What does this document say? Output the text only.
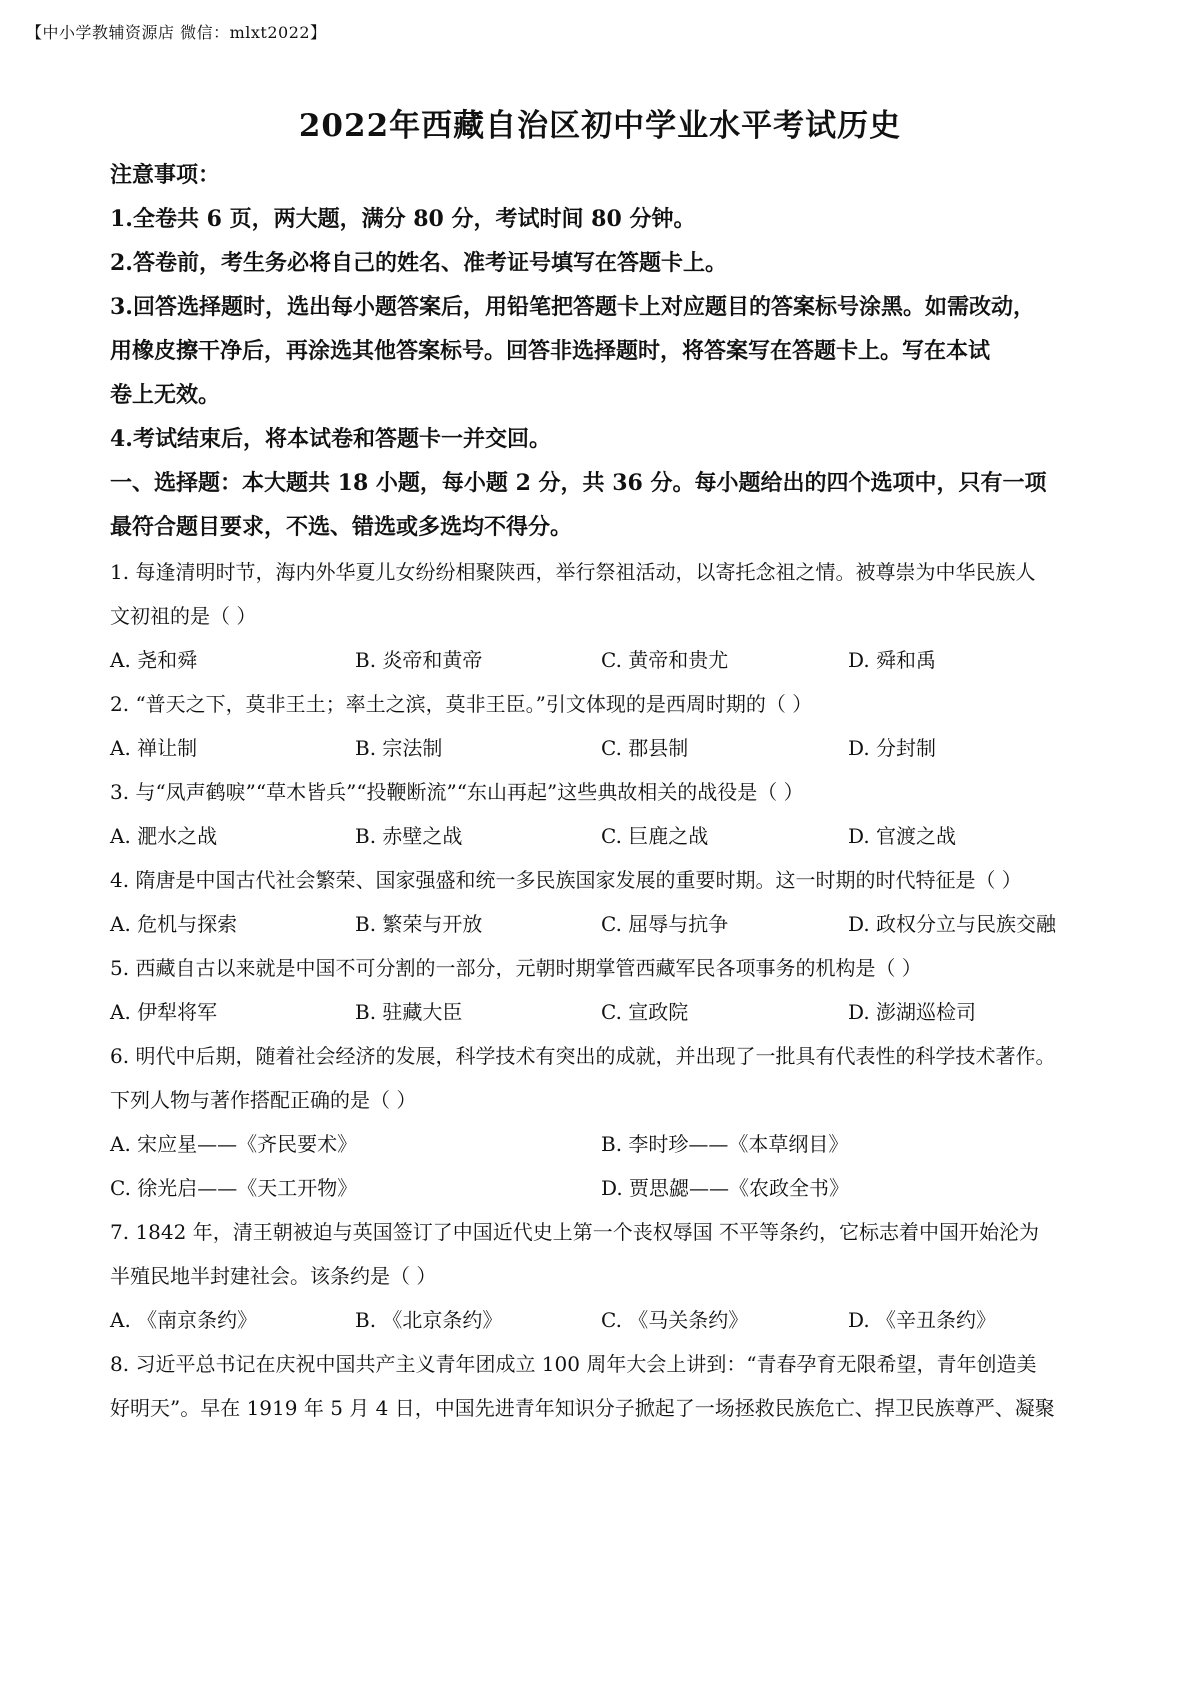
【中小学教辅资源店 微信：mlxt2022】
2022年西藏自治区初中学业水平考试历史
注意事项：
1.全卷共 6 页，两大题，满分 80 分，考试时间 80 分钟。
2.答卷前，考生务必将自己的姓名、准考证号填写在答题卡上。
3.回答选择题时，选出每小题答案后，用铅笔把答题卡上对应题目的答案标号涂黑。如需改动，
用橡皮擦干净后，再涂选其他答案标号。回答非选择题时，将答案写在答题卡上。写在本试
卷上无效。
4.考试结束后，将本试卷和答题卡一并交回。
一、选择题：本大题共 18 小题，每小题 2 分，共 36 分。每小题给出的四个选项中，只有一项
最符合题目要求，不选、错选或多选均不得分。
1. 每逢清明时节，海内外华夏儿女纷纷相聚陕西，举行祭祖活动，以寄托念祖之情。被尊崇为中华民族人
文初祖的是（ ）
A. 尧和舜	B. 炎帝和黄帝	C. 黄帝和贵尤	D. 舜和禹
2. “普天之下，莫非王土；率土之滨，莫非王臣。”引文体现的是西周时期的（ ）
A. 禅让制	B. 宗法制	C. 郡县制	D. 分封制
3. 与“凤声鹤唳”“草木皆兵”“投鞭断流”“东山再起”这些典故相关的战役是（ ）
A. 淝水之战	B. 赤壁之战	C. 巨鹿之战	D. 官渡之战
4. 隋唐是中国古代社会繁荣、国家强盛和统一多民族国家发展的重要时期。这一时期的时代特征是（ ）
A. 危机与探索	B. 繁荣与开放	C. 屈辱与抗争	D. 政权分立与民族交融
5. 西藏自古以来就是中国不可分割的一部分，元朝时期掌管西藏军民各项事务的机构是（ ）
A. 伊犁将军	B. 驻藏大臣	C. 宣政院	D. 澎湖巡检司
6. 明代中后期，随着社会经济的发展，科学技术有突出的成就，并出现了一批具有代表性的科学技术著作。
下列人物与著作搭配正确的是（ ）
A. 宋应星——《齐民要术》	B. 李时珍——《本草纲目》
C. 徐光启——《天工开物》	D. 贾思勰——《农政全书》
7. 1842 年，清王朝被迫与英国签订了中国近代史上第一个丧权辱国 不平等条约，它标志着中国开始沦为
半殖民地半封建社会。该条约是（ ）
A. 《南京条约》	B. 《北京条约》	C. 《马关条约》	D. 《辛丑条约》
8. 习近平总书记在庆祝中国共产主义青年团成立 100 周年大会上讲到：“青春孕育无限希望，青年创造美
好明天”。早在 1919 年 5 月 4 日，中国先进青年知识分子掀起了一场拯救民族危亡、捍卫民族尊严、凝聚
